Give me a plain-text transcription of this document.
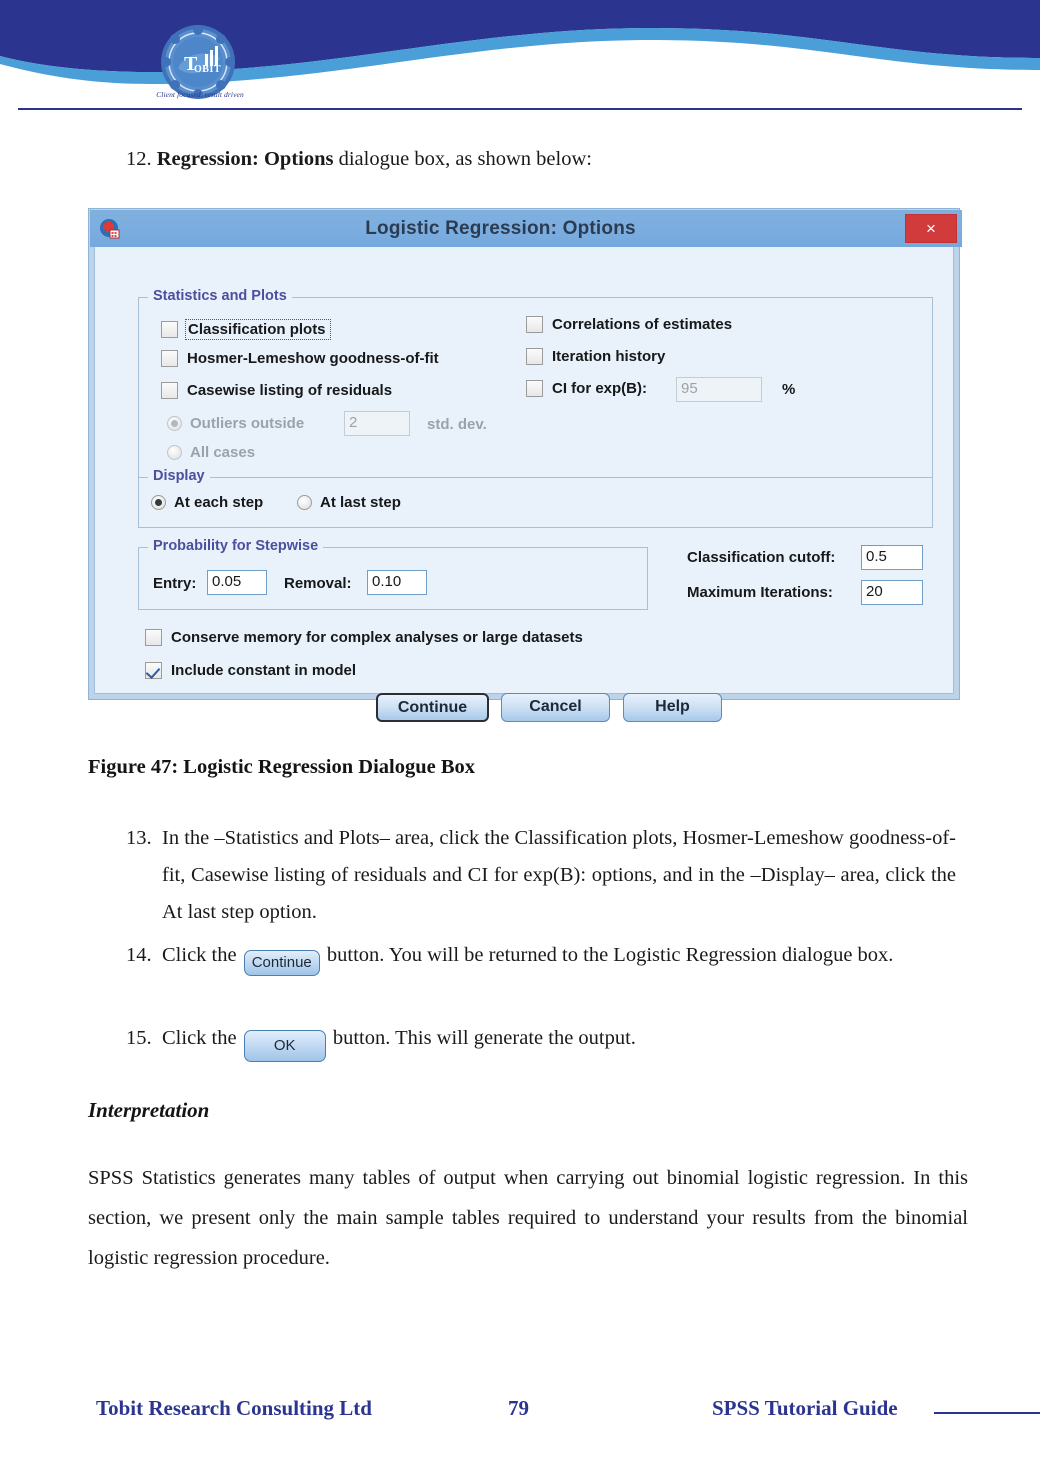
T
OBIT
Client focused, result driven
12. Regression: Options dialogue box, as shown below:
Logistic Regression: Options	×
Statistics and Plots
Classification plots
Hosmer-Lemeshow goodness-of-fit
Casewise listing of residuals
Outliers outside	2	std. dev.
All cases
Correlations of estimates
Iteration history
CI for exp(B):	95	%
Display
At each step	At last step
Probability for Stepwise
Entry:	0.05	Removal:	0.10
Classification cutoff:	0.5
Maximum Iterations:	20
Conserve memory for complex analyses or large datasets
Include constant in model
Continue	Cancel	Help
Figure 47: Logistic Regression Dialogue Box
13. In the –Statistics and Plots– area, click the Classification plots, Hosmer-Lemeshow goodness-of-fit, Casewise listing of residuals and CI for exp(B): options, and in the –Display– area, click the At last step option.
14. Click the Continue button. You will be returned to the Logistic Regression dialogue box.
15. Click the OK button. This will generate the output.
Interpretation
SPSS Statistics generates many tables of output when carrying out binomial logistic regression. In this section, we present only the main sample tables required to understand your results from the binomial logistic regression procedure.
Tobit Research Consulting Ltd	79	SPSS Tutorial Guide
